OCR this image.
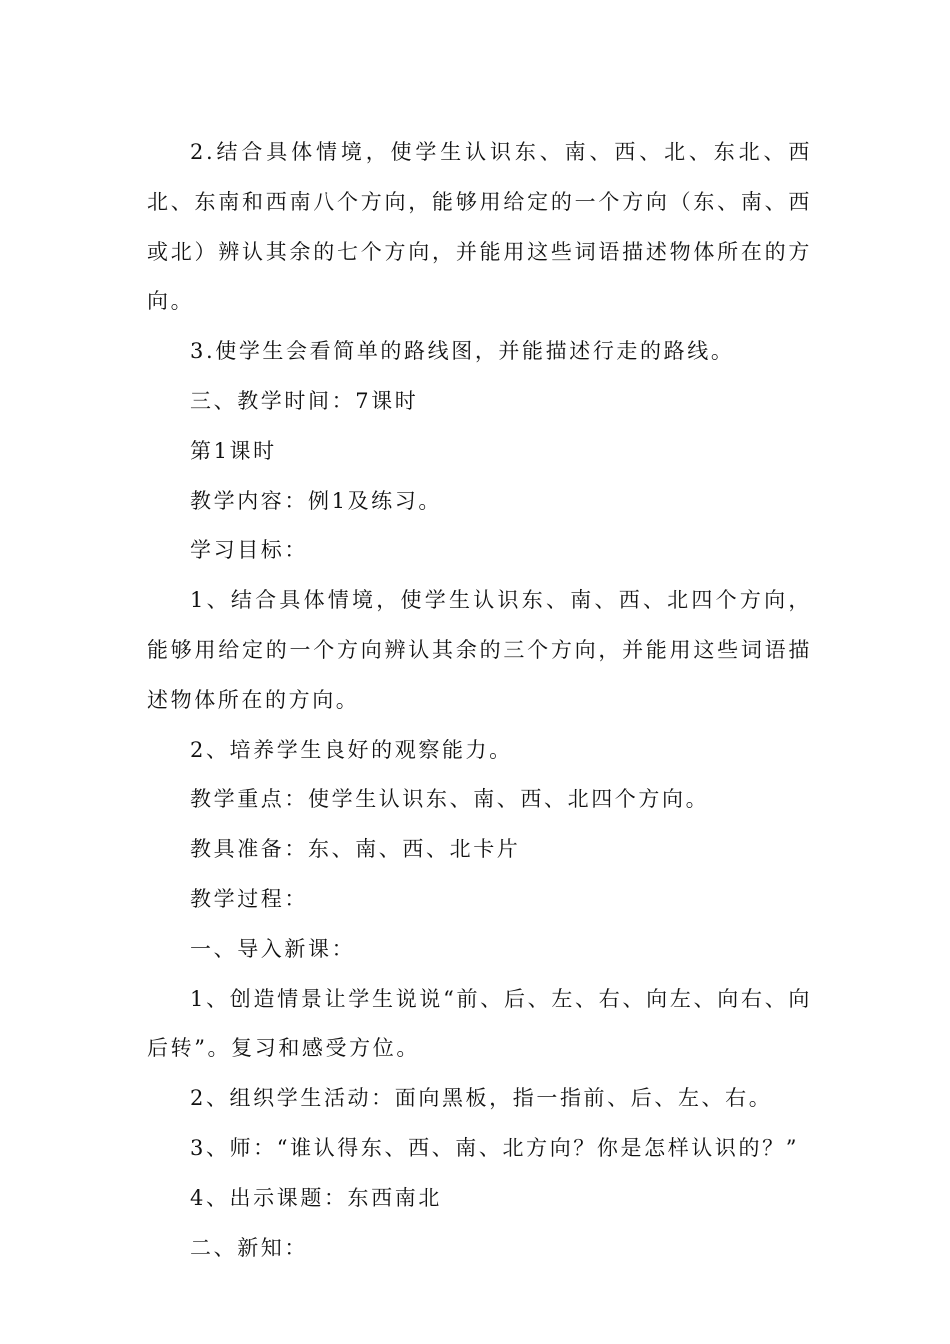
2.结合具体情境，使学生认识东、南、西、北、东北、西北、东南和西南八个方向，能够用给定的一个方向（东、南、西或北）辨认其余的七个方向，并能用这些词语描述物体所在的方向。

3.使学生会看简单的路线图，并能描述行走的路线。

三、教学时间：7课时

第1课时

教学内容：例1及练习。

学习目标：

1、结合具体情境，使学生认识东、南、西、北四个方向，能够用给定的一个方向辨认其余的三个方向，并能用这些词语描述物体所在的方向。

2、培养学生良好的观察能力。

教学重点：使学生认识东、南、西、北四个方向。

教具准备：东、南、西、北卡片

教学过程：

一、导入新课：

1、创造情景让学生说说“前、后、左、右、向左、向右、向后转”。复习和感受方位。

2、组织学生活动：面向黑板，指一指前、后、左、右。

3、师：“谁认得东、西、南、北方向？你是怎样认识的？”

4、出示课题：东西南北

二、新知：
